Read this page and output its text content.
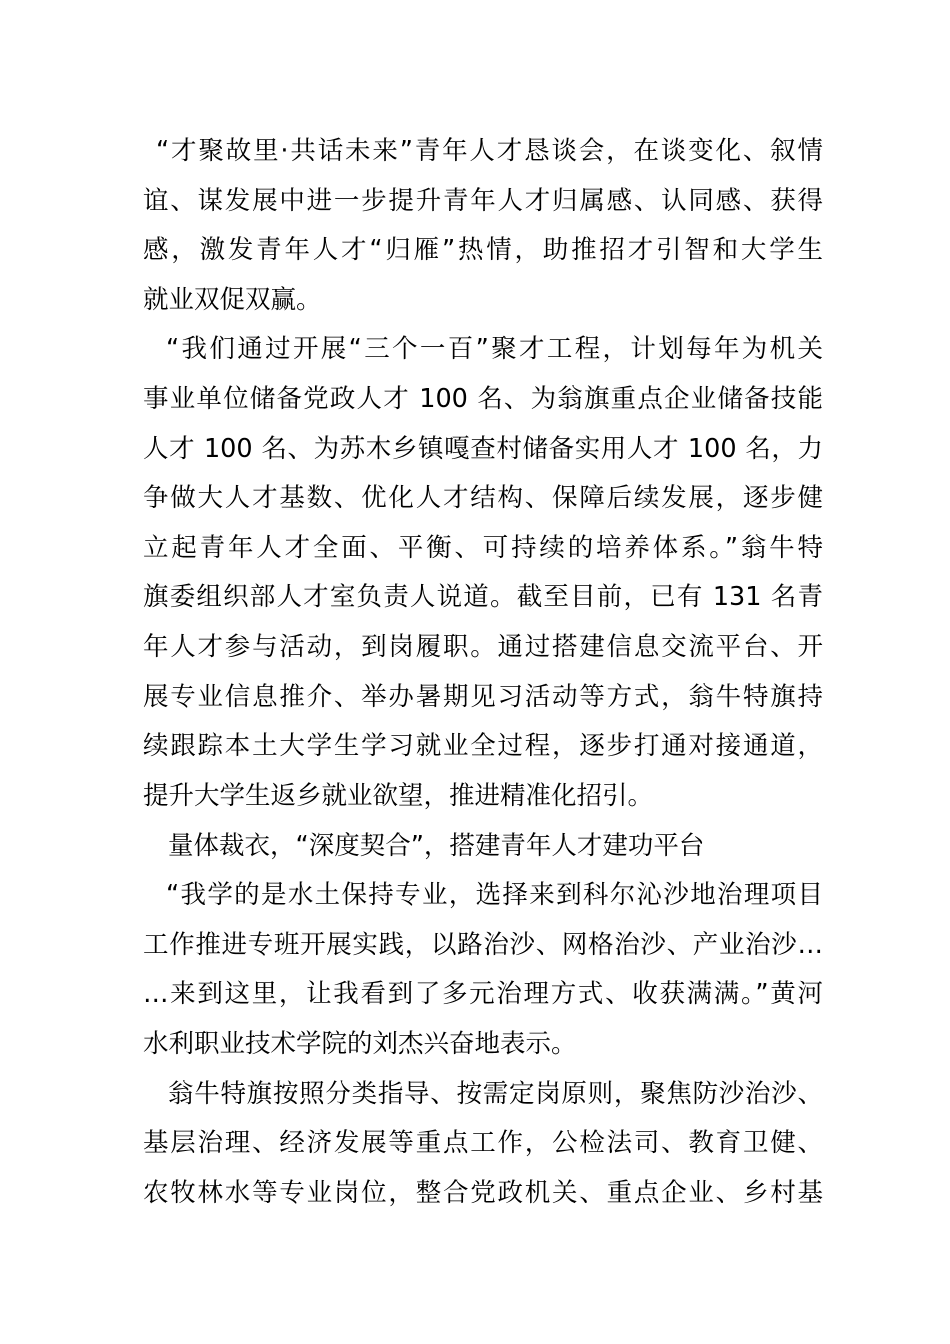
“才聚故里·共话未来”青年人才恳谈会，在谈变化、叙情

谊、谋发展中进一步提升青年人才归属感、认同感、获得

感，激发青年人才“归雁”热情，助推招才引智和大学生

就业双促双赢。

“我们通过开展“三个一百”聚才工程，计划每年为机关

事业单位储备党政人才 100 名、为翁旗重点企业储备技能

人才 100 名、为苏木乡镇嘎查村储备实用人才 100 名，力

争做大人才基数、优化人才结构、保障后续发展，逐步健

立起青年人才全面、平衡、可持续的培养体系。”翁牛特

旗委组织部人才室负责人说道。截至目前，已有 131 名青

年人才参与活动，到岗履职。通过搭建信息交流平台、开

展专业信息推介、举办暑期见习活动等方式，翁牛特旗持

续跟踪本土大学生学习就业全过程，逐步打通对接通道，

提升大学生返乡就业欲望，推进精准化招引。

量体裁衣，“深度契合”，搭建青年人才建功平台

“我学的是水土保持专业，选择来到科尔沁沙地治理项目

工作推进专班开展实践，以路治沙、网格治沙、产业治沙…

…来到这里，让我看到了多元治理方式、收获满满。”黄河

水利职业技术学院的刘杰兴奋地表示。

翁牛特旗按照分类指导、按需定岗原则，聚焦防沙治沙、

基层治理、经济发展等重点工作，公检法司、教育卫健、

农牧林水等专业岗位，整合党政机关、重点企业、乡村基
